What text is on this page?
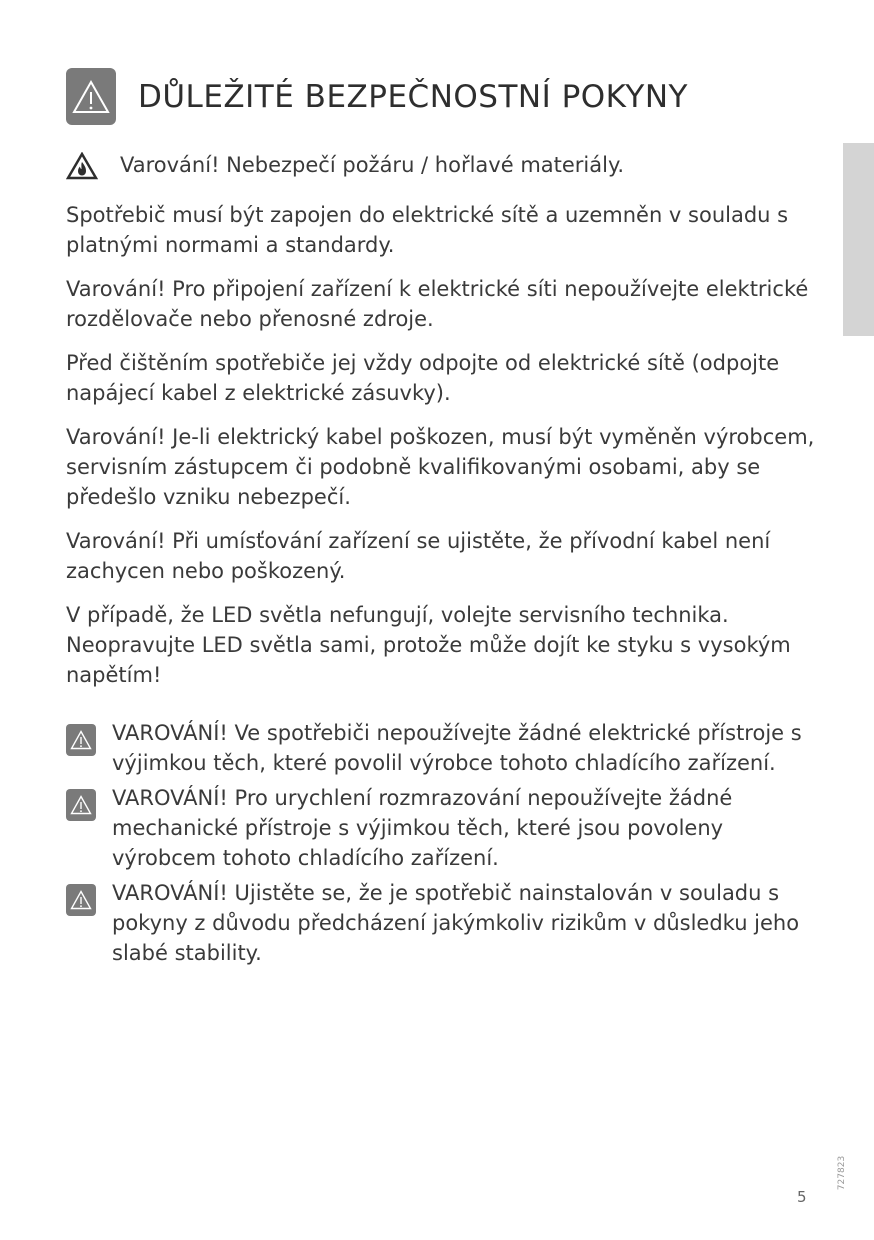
DŮLEŽITÉ BEZPEČNOSTNÍ POKYNY
Varování! Nebezpečí požáru / hořlavé materiály.

Spotřebič musí být zapojen do elektrické sítě a uzemněn v souladu s platnými normami a standardy.

Varování! Pro připojení zařízení k elektrické síti nepoužívejte elektrické rozdělovače nebo přenosné zdroje.

Před čištěním spotřebiče jej vždy odpojte od elektrické sítě (odpojte napájecí kabel z elektrické zásuvky).

Varování! Je-li elektrický kabel poškozen, musí být vyměněn výrobcem, servisním zástupcem či podobně kvalifikovanými osobami, aby se předešlo vzniku nebezpečí.

Varování! Při umísťování zařízení se ujistěte, že přívodní kabel není zachycen nebo poškozený.

V případě, že LED světla nefungují, volejte servisního technika. Neopravujte LED světla sami, protože může dojít ke styku s vysokým napětím!

VAROVÁNÍ! Ve spotřebiči nepoužívejte žádné elektrické přístroje s výjimkou těch, které povolil výrobce tohoto chladícího zařízení.
VAROVÁNÍ! Pro urychlení rozmrazování nepoužívejte žádné mechanické přístroje s výjimkou těch, které jsou povoleny výrobcem tohoto chladícího zařízení.
VAROVÁNÍ! Ujistěte se, že je spotřebič nainstalován v souladu s pokyny z důvodu předcházení jakýmkoliv rizikům v důsledku jeho slabé stability.
727823
5
